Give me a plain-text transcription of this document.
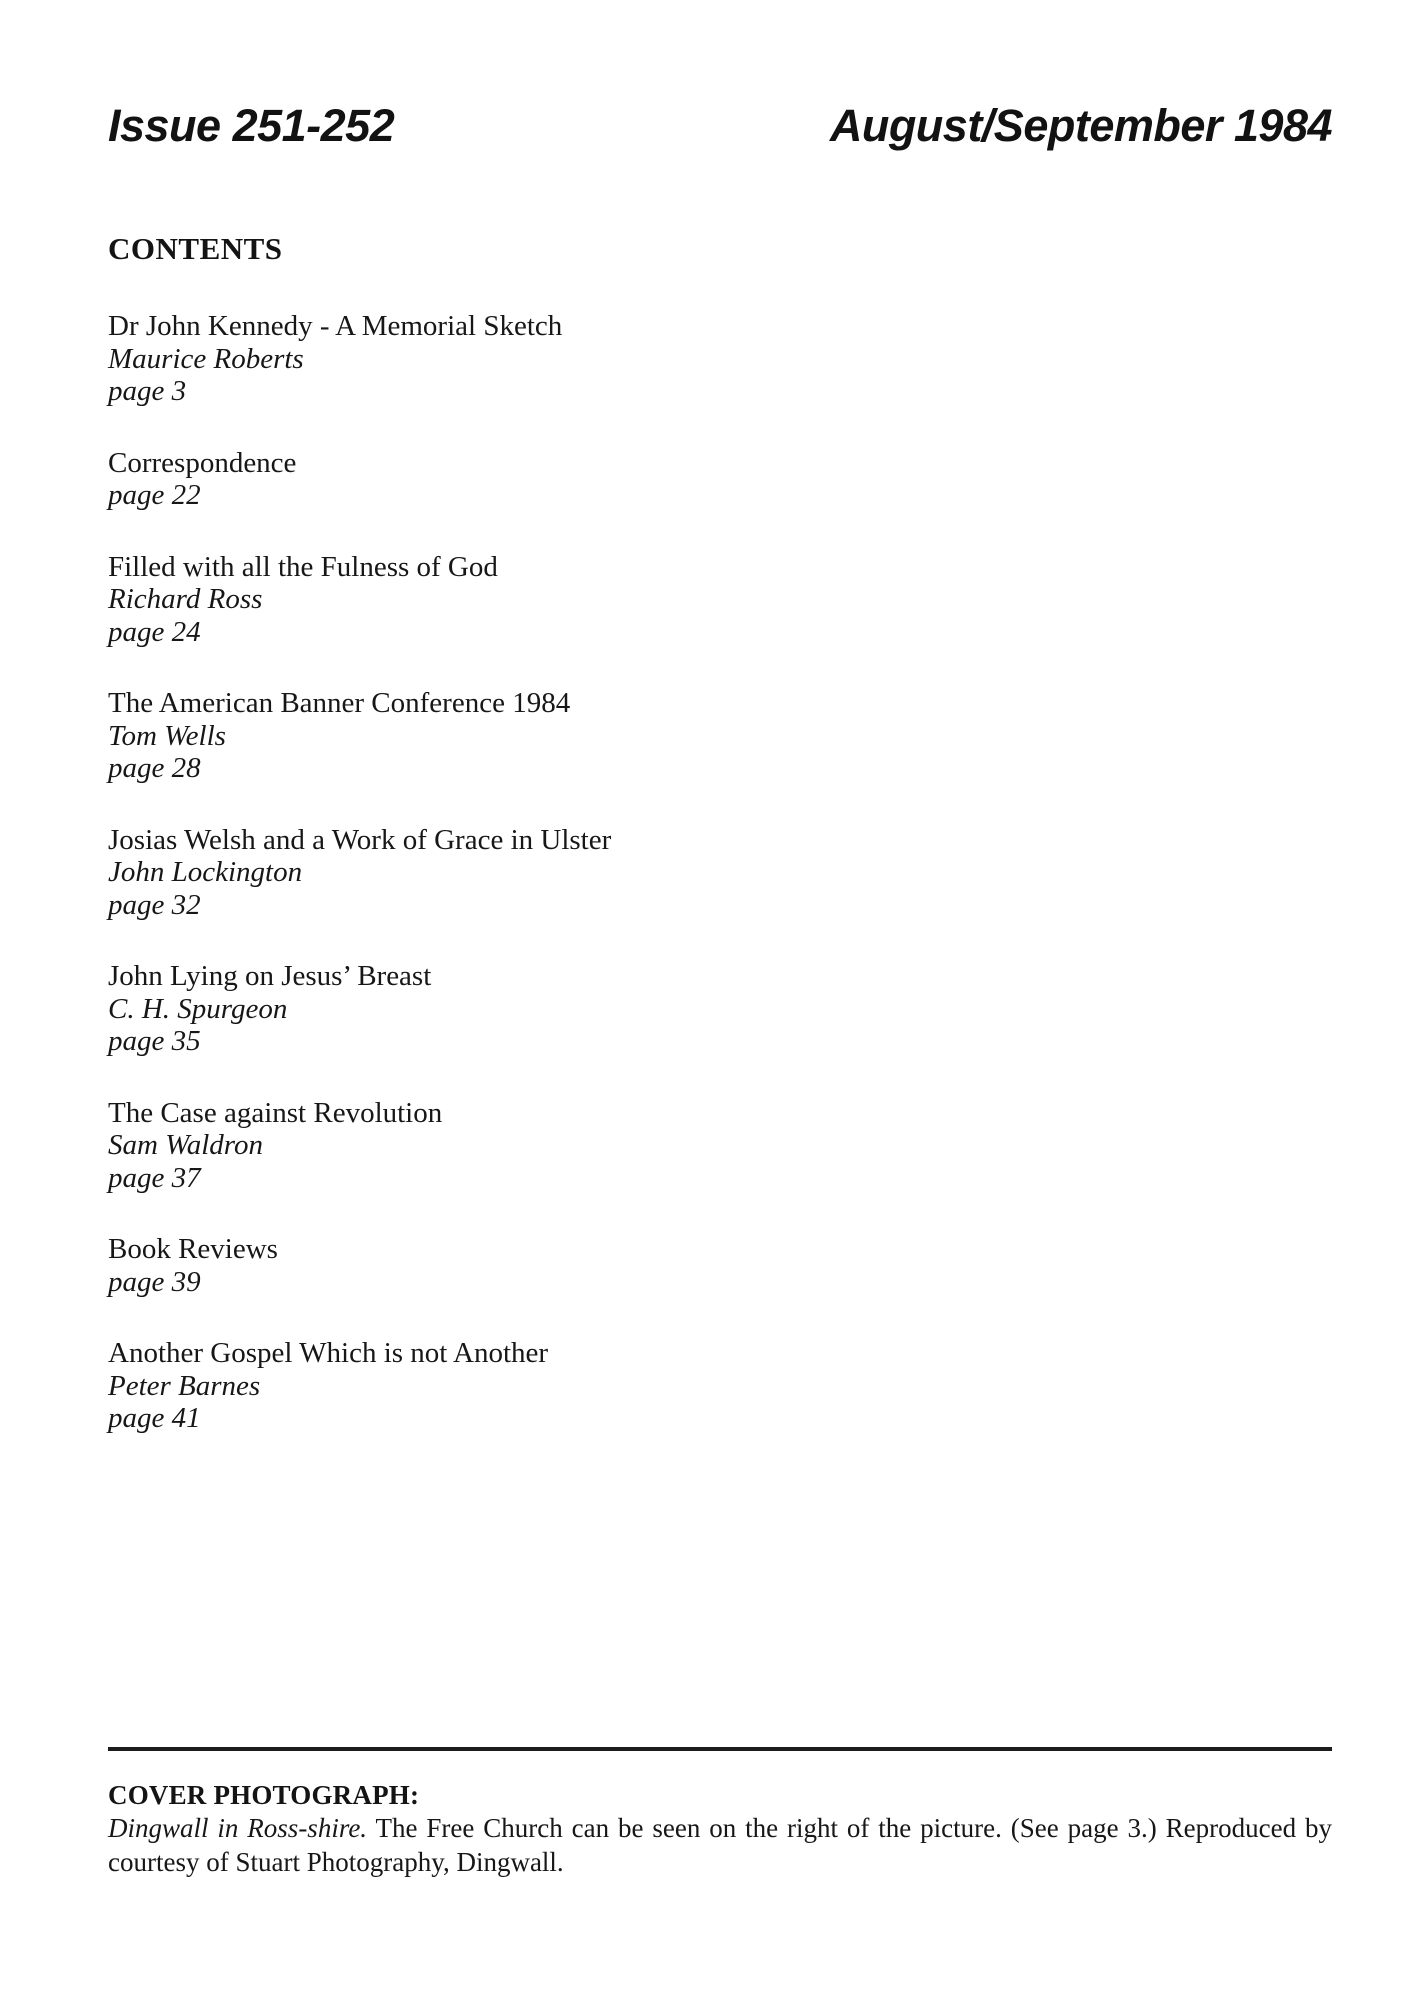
Issue 251-252	August/September 1984
CONTENTS
Dr John Kennedy - A Memorial Sketch
Maurice Roberts
page 3
Correspondence
page 22
Filled with all the Fulness of God
Richard Ross
page 24
The American Banner Conference 1984
Tom Wells
page 28
Josias Welsh and a Work of Grace in Ulster
John Lockington
page 32
John Lying on Jesus’ Breast
C. H. Spurgeon
page 35
The Case against Revolution
Sam Waldron
page 37
Book Reviews
page 39
Another Gospel Which is not Another
Peter Barnes
page 41
COVER PHOTOGRAPH:

Dingwall in Ross-shire. The Free Church can be seen on the right of the picture. (See page 3.) Reproduced by courtesy of Stuart Photography, Dingwall.
